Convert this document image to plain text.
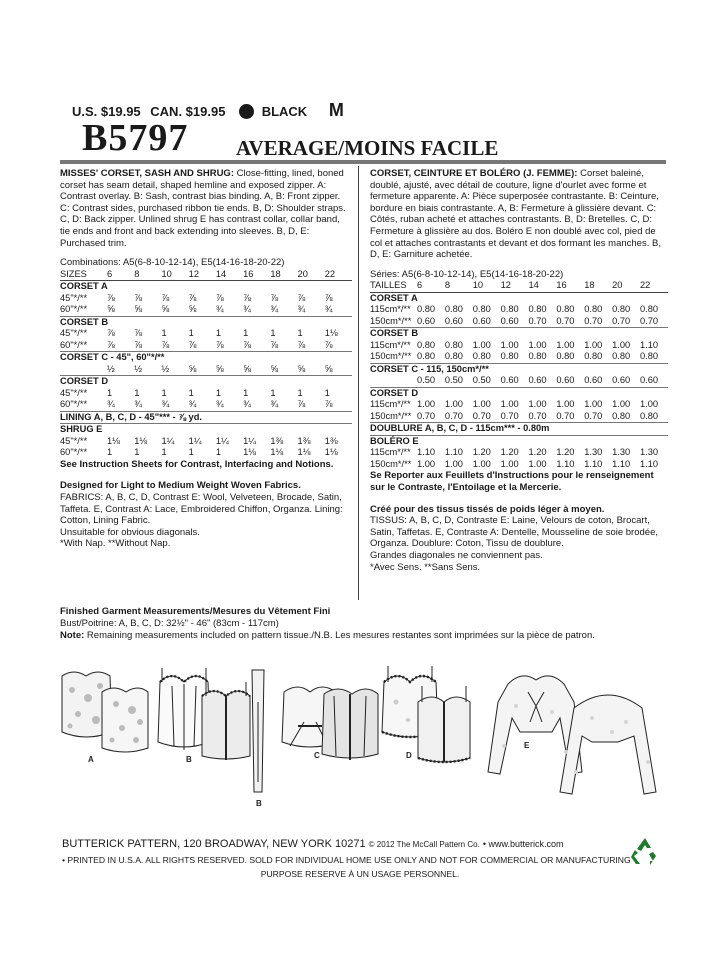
U.S. $19.95 CAN. $19.95	BLACK M
B5797 AVERAGE/MOINS FACILE

MISSES' CORSET, SASH AND SHRUG: Close-fitting, lined, boned corset has seam detail, shaped hemline and exposed zipper. A: Contrast overlay. B: Sash, contrast bias binding. A, B: Front zipper. C: Contrast sides, purchased ribbon tie ends. B, D: Shoulder straps. C, D: Back zipper. Unlined shrug E has contrast collar, collar band, tie ends and front and back extending into sleeves. B, D, E: Purchased trim.

Combinations: A5(6-8-10-12-14), E5(14-16-18-20-22)

SIZES	6	8	10	12	14	16	18	20	22
CORSET A									
45"*/**	⅞	⅞	⅞	⅞	⅞	⅞	⅞	⅞	⅞
60"*/**	⅝	⅝	⅝	⅝	¾	¾	¾	¾	¾
CORSET B									
45"*/**	⅞	⅞	1	1	1	1	1	1	1⅛
60"*/**	⅞	⅞	⅞	⅞	⅞	⅞	⅞	⅞	⅞
CORSET C - 45", 60"*/**									
	½	½	½	⅝	⅝	⅝	⅝	⅝	⅝
CORSET D									
45"*/**	1	1	1	1	1	1	1	1	1
60"*/**	¾	¾	¾	¾	¾	¾	¾	⅞	⅞
LINING A, B, C, D - 45"*** - ⅞ yd.									
SHRUG E									
45"*/**	1⅛	1⅛	1¼	1¼	1¼	1¼	1⅜	1⅜	1⅜
60"*/**	1	1	1	1	1	1⅛	1⅛	1⅛	1⅛

See Instruction Sheets for Contrast, Interfacing and Notions.

Designed for Light to Medium Weight Woven Fabrics.

FABRICS: A, B, C, D, Contrast E: Wool, Velveteen, Brocade, Satin, Taffeta. E, Contrast A: Lace, Embroidered Chiffon, Organza. Lining: Cotton, Lining Fabric.

Unsuitable for obvious diagonals.

*With Nap. **Without Nap.

CORSET, CEINTURE ET BOLÉRO (J. FEMME): Corset baleiné, doublé, ajusté, avec détail de couture, ligne d'ourlet avec forme et fermeture apparente. A: Pièce superposée contrastante. B: Ceinture, bordure en biais contrastante. A, B: Fermeture à glissière devant. C: Côtés, ruban acheté et attaches contrastants. B, D: Bretelles. C, D: Fermeture à glissière au dos. Boléro E non doublé avec col, pied de col et attaches contrastants et devant et dos formant les manches. B, D, E: Garniture achetée.

Séries: A5(6-8-10-12-14), E5(14-16-18-20-22)

TAILLES	6	8	10	12	14	16	18	20	22
CORSET A									
115cm*/**	0.80	0.80	0.80	0.80	0.80	0.80	0.80	0.80	0.80
150cm*/**	0.60	0.60	0.60	0.60	0.70	0.70	0.70	0.70	0.70
CORSET B									
115cm*/**	0.80	0.80	1.00	1.00	1.00	1.00	1.00	1.00	1.10
150cm*/**	0.80	0.80	0.80	0.80	0.80	0.80	0.80	0.80	0.80
CORSET C - 115, 150cm*/**									
	0.50	0.50	0.50	0.60	0.60	0.60	0.60	0.60	0.60
CORSET D									
115cm*/**	1.00	1.00	1.00	1.00	1.00	1.00	1.00	1.00	1.00
150cm*/**	0.70	0.70	0.70	0.70	0.70	0.70	0.70	0.80	0.80
DOUBLURE A, B, C, D - 115cm*** - 0.80m									
BOLÉRO E									
115cm*/**	1.10	1.10	1.20	1.20	1.20	1.20	1.30	1.30	1.30
150cm*/**	1.00	1.00	1.00	1.00	1.00	1.10	1.10	1.10	1.10

Se Reporter aux Feuillets d'Instructions pour le renseignement sur le Contraste, l'Entoilage et la Mercerie.

Créé pour des tissus tissés de poids léger à moyen.

TISSUS: A, B, C, D, Contraste E: Laine, Velours de coton, Brocart, Satin, Taffetas. E, Contraste A: Dentelle, Mousseline de soie brodée, Organza. Doublure: Coton, Tissu de doublure.

Grandes diagonales ne conviennent pas.

*Avec Sens. **Sans Sens.

Finished Garment Measurements/Mesures du Vêtement Fini
Bust/Poitrine: A, B, C, D: 32½" - 46" (83cm - 117cm)
Note: Remaining measurements included on pattern tissue./N.B. Les mesures restantes sont imprimées sur la pièce de patron.
A	B
B
C	D
E
BUTTERICK PATTERN, 120 BROADWAY, NEW YORK 10271 © 2012 The McCall Pattern Co. • www.butterick.com
• PRINTED IN U.S.A. ALL RIGHTS RESERVED. SOLD FOR INDIVIDUAL HOME USE ONLY AND NOT FOR COMMERCIAL OR MANUFACTURING
PURPOSE RESERVE À UN USAGE PERSONNEL.
